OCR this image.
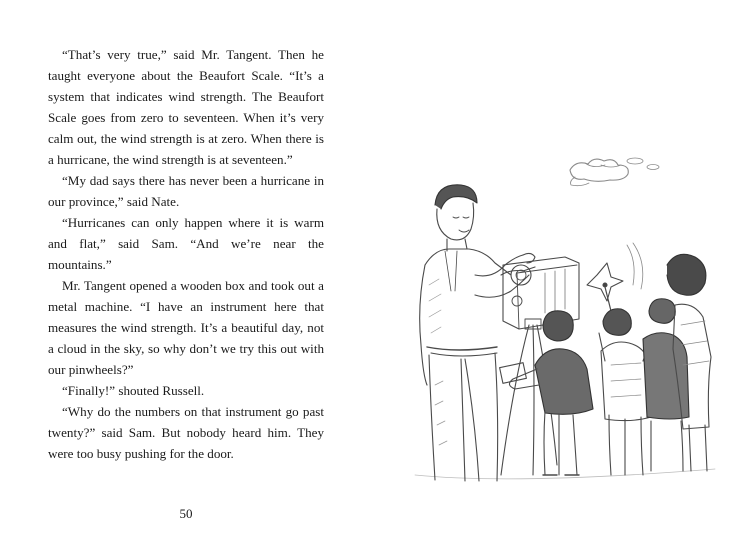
“That’s very true,” said Mr. Tangent. Then he taught everyone about the Beaufort Scale. “It’s a system that indicates wind strength. The Beaufort Scale goes from zero to seventeen. When it’s very calm out, the wind strength is at zero. When there is a hurricane, the wind strength is at seventeen.”

“My dad says there has never been a hurricane in our province,” said Nate.

“Hurricanes can only happen where it is warm and flat,” said Sam. “And we’re near the mountains.”

Mr. Tangent opened a wooden box and took out a metal machine. “I have an instrument here that measures the wind strength. It’s a beautiful day, not a cloud in the sky, so why don’t we try this out with our pinwheels?”

“Finally!” shouted Russell.

“Why do the numbers on that instrument go past twenty?” said Sam. But nobody heard him. They were too busy pushing for the door.

50
